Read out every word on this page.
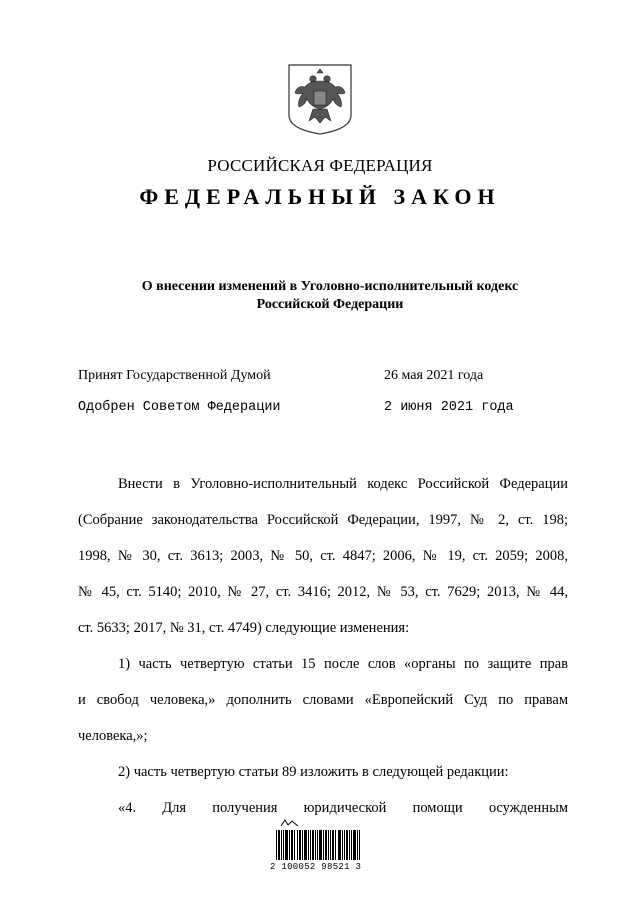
РОССИЙСКАЯ ФЕДЕРАЦИЯ
ФЕДЕРАЛЬНЫЙ ЗАКОН
О внесении изменений в Уголовно-исполнительный кодекс
Российской Федерации
Принят Государственной Думой	26 мая 2021 года
Одобрен Советом Федерации	2 июня 2021 года

Внести в Уголовно-исполнительный кодекс Российской Федерации

(Собрание законодательства Российской Федерации, 1997, № 2, ст. 198;

1998, № 30, ст. 3613; 2003, № 50, ст. 4847; 2006, № 19, ст. 2059; 2008,

№ 45, ст. 5140; 2010, № 27, ст. 3416; 2012, № 53, ст. 7629; 2013, № 44,

ст. 5633; 2017, № 31, ст. 4749) следующие изменения:

1) часть четвертую статьи 15 после слов «органы по защите прав

и свобод человека,» дополнить словами «Европейский Суд по правам

человека,»;

2) часть четвертую статьи 89 изложить в следующей редакции:

«4. Для получения юридической помощи осужденным

2 100052 98521 3
